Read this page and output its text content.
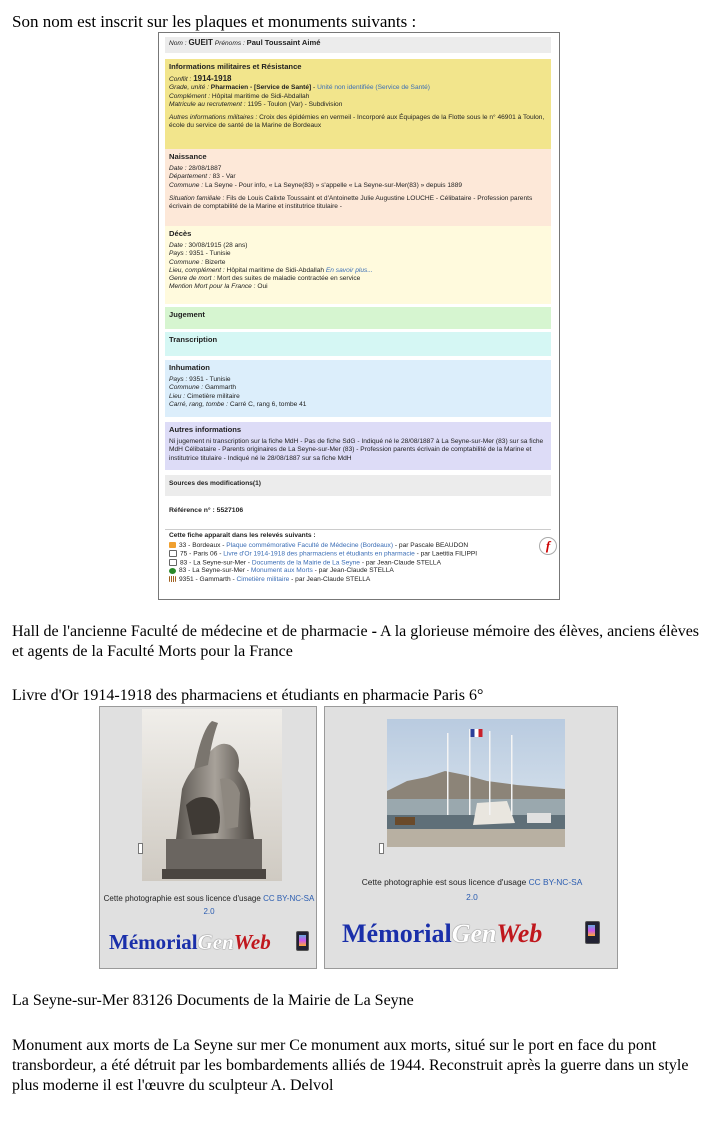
Son nom est inscrit sur les plaques et monuments suivants :
Nom : GUEIT Prénoms : Paul Toussaint Aimé
Informations militaires et Résistance
Conflit : 1914-1918
Grade, unité : Pharmacien - [Service de Santé] - Unité non identifiée (Service de Santé)
Complément : Hôpital maritime de Sidi-Abdallah
Matricule au recrutement : 1195 - Toulon (Var) - Subdivision
Autres informations militaires : Croix des épidémies en vermeil - Incorporé aux Équipages de la Flotte sous le n° 46901 à Toulon, école du service de santé de la Marine de Bordeaux
Naissance
Date : 28/08/1887
Département : 83 - Var
Commune : La Seyne - Pour info, « La Seyne(83) » s'appelle « La Seyne-sur-Mer(83) » depuis 1889
Situation familiale : Fils de Louis Calixte Toussaint et d'Antoinette Julie Augustine LOUCHE - Célibataire - Profession parents écrivain de comptabilité de la Marine et institutrice titulaire -
Décès
Date : 30/08/1915 (28 ans)
Pays : 9351 - Tunisie
Commune : Bizerte
Lieu, complément : Hôpital maritime de Sidi-Abdallah En savoir plus...
Genre de mort : Mort des suites de maladie contractée en service
Mention Mort pour la France : Oui
Jugement
Transcription
Inhumation
Pays : 9351 - Tunisie
Commune : Gammarth
Lieu : Cimetière militaire
Carré, rang, tombe : Carré C, rang 6, tombe 41
Autres informations
Ni jugement ni transcription sur la fiche MdH - Pas de fiche SdG - Indiqué né le 28/08/1887 à La Seyne-sur-Mer (83) sur sa fiche MdH Célibataire - Parents originaires de La Seyne-sur-Mer (83) - Profession parents écrivain de comptabilité de la Marine et institutrice titulaire - Indiqué né le 28/08/1887 sur sa fiche MdH
Sources des modifications(1)
Référence n° : 5527106
Cette fiche apparaît dans les relevés suivants :
33 - Bordeaux - Plaque commémorative Faculté de Médecine (Bordeaux) - par Pascale BEAUDON
75 - Paris 06 - Livre d'Or 1914-1918 des pharmaciens et étudiants en pharmacie - par Laetitia FILIPPI
83 - La Seyne-sur-Mer - Documents de la Mairie de La Seyne - par Jean-Claude STELLA
83 - La Seyne-sur-Mer - Monument aux Morts - par Jean-Claude STELLA
9351 - Gammarth - Cimetière militaire - par Jean-Claude STELLA
f
Hall de l'ancienne Faculté de médecine et de pharmacie - A la glorieuse mémoire des élèves, anciens élèves et agents de la Faculté Morts pour la France
Livre d'Or 1914-1918 des pharmaciens et étudiants en pharmacie Paris 6°
Cette photographie est sous licence d'usage CC BY-NC-SA
2.0
MémorialGenWeb
Cette photographie est sous licence d'usage CC BY-NC-SA
2.0
MémorialGenWeb
La Seyne-sur-Mer 83126 Documents de la Mairie de La Seyne
Monument aux morts de La Seyne sur mer Ce monument aux morts, situé sur le port en face du pont transbordeur, a été détruit par les bombardements alliés de 1944. Reconstruit après la guerre dans un style plus moderne il est l'œuvre du sculpteur A. Delvol
